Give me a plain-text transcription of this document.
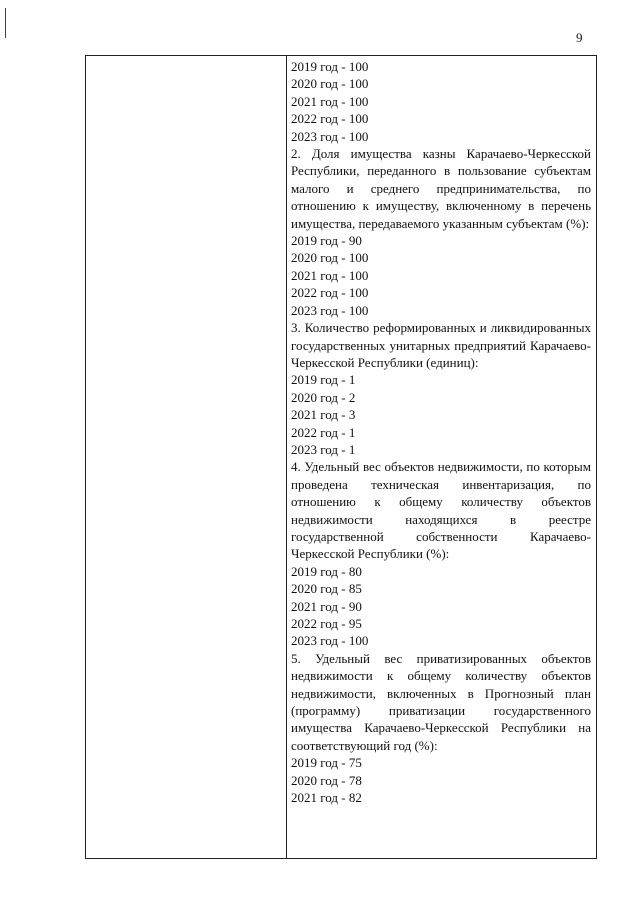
9
2019 год - 100
2020 год - 100
2021 год - 100
2022 год - 100
2023 год - 100
2. Доля имущества казны Карачаево-Черкесской Республики, переданного в пользование субъектам малого и среднего предпринимательства, по отношению к имуществу, включенному в перечень имущества, передаваемого указанным субъектам (%):
2019 год - 90
2020 год - 100
2021 год - 100
2022 год - 100
2023 год - 100
3. Количество реформированных и ликвидированных государственных унитарных предприятий Карачаево-Черкесской Республики (единиц):
2019 год - 1
2020 год - 2
2021 год - 3
2022 год - 1
2023 год - 1
4. Удельный вес объектов недвижимости, по которым проведена техническая инвентаризация, по отношению к общему количеству объектов недвижимости находящихся в реестре государственной собственности Карачаево-Черкесской Республики (%):
2019 год - 80
2020 год - 85
2021 год - 90
2022 год - 95
2023 год - 100
5. Удельный вес приватизированных объектов недвижимости к общему количеству объектов недвижимости, включенных в Прогнозный план (программу) приватизации государственного имущества Карачаево-Черкесской Республики на соответствующий год (%):
2019 год - 75
2020 год - 78
2021 год - 82
